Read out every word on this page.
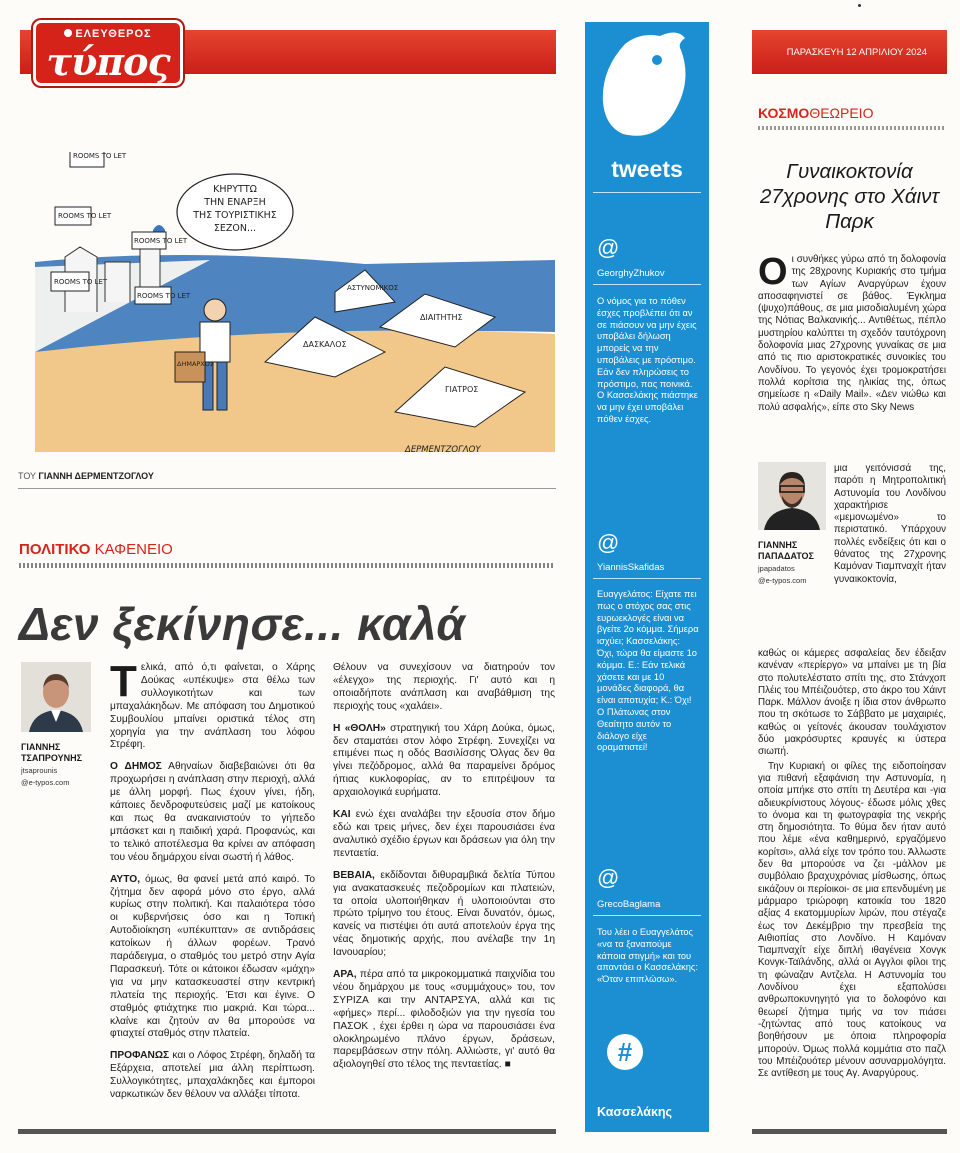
ΕΛΕΥΘΕΡΟΣ
τύπος
ROOMS TO LET
ROOMS TO LET
ROOMS TO LET
ROOMS TO LET
ROOMS TO LET
ΚΗΡΥΤΤΩ
ΤΗΝ ΕΝΑΡΞΗ
ΤΗΣ ΤΟΥΡΙΣΤΙΚΗΣ
ΣΕΖΟΝ...
ΔΗΜΑΡΧΟΣ
ΑΣΤΥΝΟΜΙΚΟΣ
ΔΑΣΚΑΛΟΣ
ΔΙΑΙΤΗΤΗΣ
ΓΙΑΤΡΟΣ
ΔΕΡΜΕΝΤΖΟΓΛΟΥ
ΤΟΥ ΓΙΑΝΝΗ ΔΕΡΜΕΝΤΖΟΓΛΟΥ
ΠΟΛΙΤΙΚΟ ΚΑΦΕΝΕΙΟ
Δεν ξεκίνησε... καλά
ΓΙΑΝΝΗΣ ΤΣΑΠΡΟΥΝΗΣ
jtsaprounis
@e-typos.com

Τελικά, από ό,τι φαίνεται, ο Χάρης Δούκας «υπέκυψε» στα θέλω των συλλογικοτήτων και των μπαχαλάκηδων. Με απόφαση του Δημοτικού Συμβουλίου μπαίνει οριστικά τέλος στη χορηγία για την ανάπλαση του λόφου Στρέφη.

Ο ΔΗΜΟΣ Αθηναίων διαβεβαιώνει ότι θα προχωρήσει η ανάπλαση στην περιοχή, αλλά με άλλη μορφή. Πως έχουν γίνει, ήδη, κάποιες δενδροφυτεύσεις μαζί με κατοίκους και πως θα ανακαινιστούν το γήπεδο μπάσκετ και η παιδική χαρά. Προφανώς, και το τελικό αποτέλεσμα θα κρίνει αν απόφαση του νέου δημάρχου είναι σωστή ή λάθος.

ΑΥΤΟ, όμως, θα φανεί μετά από καιρό. Το ζήτημα δεν αφορά μόνο στο έργο, αλλά κυρίως στην πολιτική. Και παλαιότερα τόσο οι κυβερνήσεις όσο και η Τοπική Αυτοδιοίκηση «υπέκυπταν» σε αντιδράσεις κατοίκων ή άλλων φορέων. Τρανό παράδειγμα, ο σταθμός του μετρό στην Αγία Παρασκευή. Τότε οι κάτοικοι έδωσαν «μάχη» για να μην κατασκευαστεί στην κεντρική πλατεία της περιοχής. Έτσι και έγινε. Ο σταθμός φτιάχτηκε πιο μακριά. Και τώρα... κλαίνε και ζητούν αν θα μπορούσε να φτιαχτεί σταθμός στην πλατεία.

ΠΡΟΦΑΝΩΣ και ο Λόφος Στρέφη, δηλαδή τα Εξάρχεια, αποτελεί μια άλλη περίπτωση. Συλλογικότητες, μπαχαλάκηδες και έμποροι ναρκωτικών δεν θέλουν να αλλάξει τίποτα.

Θέλουν να συνεχίσουν να διατηρούν τον «έλεγχο» της περιοχής. Γι' αυτό και η οποιαδήποτε ανάπλαση και αναβάθμιση της περιοχής τους «χαλάει».

Η «ΘΟΛΗ» στρατηγική του Χάρη Δούκα, όμως, δεν σταματάει στον λόφο Στρέφη. Συνεχίζει να επιμένει πως η οδός Βασιλίσσης Όλγας δεν θα γίνει πεζόδρομος, αλλά θα παραμείνει δρόμος ήπιας κυκλοφορίας, αν το επιτρέψουν τα αρχαιολογικά ευρήματα.

ΚΑΙ ενώ έχει αναλάβει την εξουσία στον δήμο εδώ και τρεις μήνες, δεν έχει παρουσιάσει ένα αναλυτικό σχέδιο έργων και δράσεων για όλη την πενταετία.

ΒΕΒΑΙΑ, εκδίδονται διθυραμβικά δελτία Τύπου για ανακατασκευές πεζοδρομίων και πλατειών, τα οποία υλοποιήθηκαν ή υλοποιούνται στο πρώτο τρίμηνο του έτους. Είναι δυνατόν, όμως, κανείς να πιστέψει ότι αυτά αποτελούν έργα της νέας δημοτικής αρχής, που ανέλαβε την 1η Ιανουαρίου;

ΑΡΑ, πέρα από τα μικροκομματικά παιχνίδια του νέου δημάρχου με τους «συμμάχους» του, τον ΣΥΡΙΖΑ και την ΑΝΤΑΡΣΥΑ, αλλά και τις «φήμες» περί... φιλοδοξιών για την ηγεσία του ΠΑΣΟΚ , έχει έρθει η ώρα να παρουσιάσει ένα ολοκληρωμένο πλάνο έργων, δράσεων, παρεμβάσεων στην πόλη. Αλλιώστε, γι' αυτό θα αξιολογηθεί στο τέλος της πενταετίας. ■

tweets
@
GeorghyZhukov
Ο νόμος για το πόθεν έσχες προβλέπει ότι αν σε πιάσουν να μην έχεις υποβάλει δήλωση μπορείς να την υποβάλεις με πρόστιμο. Εάν δεν πληρώσεις το πρόστιμο, πας ποινικά. Ο Κασσελάκης πιάστηκε να μην έχει υποβάλει πόθεν έσχες.
@
YiannisSkafidas
Ευαγγελάτος: Είχατε πει πως ο στόχος σας στις ευρωεκλογές είναι να βγείτε 2ο κόμμα. Σήμερα ισχύει; Κασσελάκης: Όχι, τώρα θα είμαστε 1ο κόμμα. Ε.: Εάν τελικά χάσετε και με 10 μονάδες διαφορά, θα είναι αποτυχία; Κ.: Όχι! Ο Πλάτωνας στον Θεαίτητο αυτόν το διάλογο είχε οραματιστεί!
@
GrecoBaglama
Του λέει ο Ευαγγελάτος «να τα ξαναπούμε κάποια στιγμή» και του απαντάει ο Κασσελάκης: «Όταν επιπλώσω».
#
Κασσελάκης
ΠΑΡΑΣΚΕΥΗ 12 ΑΠΡΙΛΙΟΥ 2024
ΚΟΣΜΟΘΕΩΡΕΙΟ
Γυναικοκτονία 27χρονης στο Χάιντ Παρκ
Οι συνθήκες γύρω από τη δολοφονία της 28χρονης Κυριακής στο τμήμα των Αγίων Αναργύρων έχουν αποσαφηνιστεί σε βάθος. Έγκλημα (ψυχο)πάθους, σε μια μισοδιαλυμένη χώρα της Νότιας Βαλκανικής... Αντιθέτως, πέπλο μυστηρίου καλύπτει τη σχεδόν ταυτόχρονη δολοφονία μιας 27χρονης γυναίκας σε μια από τις πιο αριστοκρατικές συνοικίες του Λονδίνου. Το γεγονός έχει τρομοκρατήσει πολλά κορίτσια της ηλικίας της, όπως σημείωσε η «Daily Mail». «Δεν νιώθω και πολύ ασφαλής», είπε στο Sky News
ΓΙΑΝΝΗΣ ΠΑΠΑΔΑΤΟΣ
jpapadatos
@e-typos.com
μια γειτόνισσά της, παρότι η Μητροπολιτική Αστυνομία του Λονδίνου χαρακτήρισε «μεμονωμένο» το περιστατικό. Υπάρχουν πολλές ενδείξεις ότι και ο θάνατος της 27χρονης Καμόναν Τιαμπναχίτ ήταν γυναικοκτονία,

καθώς οι κάμερες ασφαλείας δεν έδειξαν κανέναν «περίεργο» να μπαίνει με τη βία στο πολυτελέστατο σπίτι της, στο Στάνχοπ Πλέις του Μπέιζουότερ, στο άκρο του Χάιντ Παρκ. Μάλλον άνοιξε η ίδια στον άνθρωπο που τη σκότωσε το Σάββατο με μαχαιριές, καθώς οι γείτονές άκουσαν τουλάχιστον δύο μακρόσυρτες κραυγές κι ύστερα σιωπή.

Την Κυριακή οι φίλες της ειδοποίησαν για πιθανή εξαφάνιση την Αστυνομία, η οποία μπήκε στο σπίτι τη Δευτέρα και -για αδιευκρίνιστους λόγους- έδωσε μόλις χθες το όνομα και τη φωτογραφία της νεκρής στη δημοσιότητα. Το θύμα δεν ήταν αυτό που λέμε «ένα καθημερινό, εργαζόμενο κορίτσι», αλλά είχε τον τρόπο του. Άλλωστε δεν θα μπορούσε να ζει -μάλλον με συμβόλαιο βραχυχρόνιας μίσθωσης, όπως εικάζουν οι περίοικοι- σε μια επενδυμένη με μάρμαρο τριώροφη κατοικία του 1820 αξίας 4 εκατομμυρίων λιρών, που στέγαζε έως τον Δεκέμβριο την πρεσβεία της Αιθιοπίας στο Λονδίνο. Η Καμόναν Τιαμπναχίτ είχε διπλή ιθαγένεια Χονγκ Κονγκ-Ταϊλάνδης, αλλά οι Αγγλοι φίλοι της τη φώναζαν Αντζελα. Η Αστυνομία του Λονδίνου έχει εξαπολύσει ανθρωποκυνηγητό για το δολοφόνο και θεωρεί ζήτημα τιμής να τον πιάσει -ζητώντας από τους κατοίκους να βοηθήσουν με όποια πληροφορία μπορούν. Όμως πολλά κομμάτια στο παζλ του Μπέιζουότερ μένουν ασυναρμολόγητα. Σε αντίθεση με τους Αγ. Αναργύρους.
